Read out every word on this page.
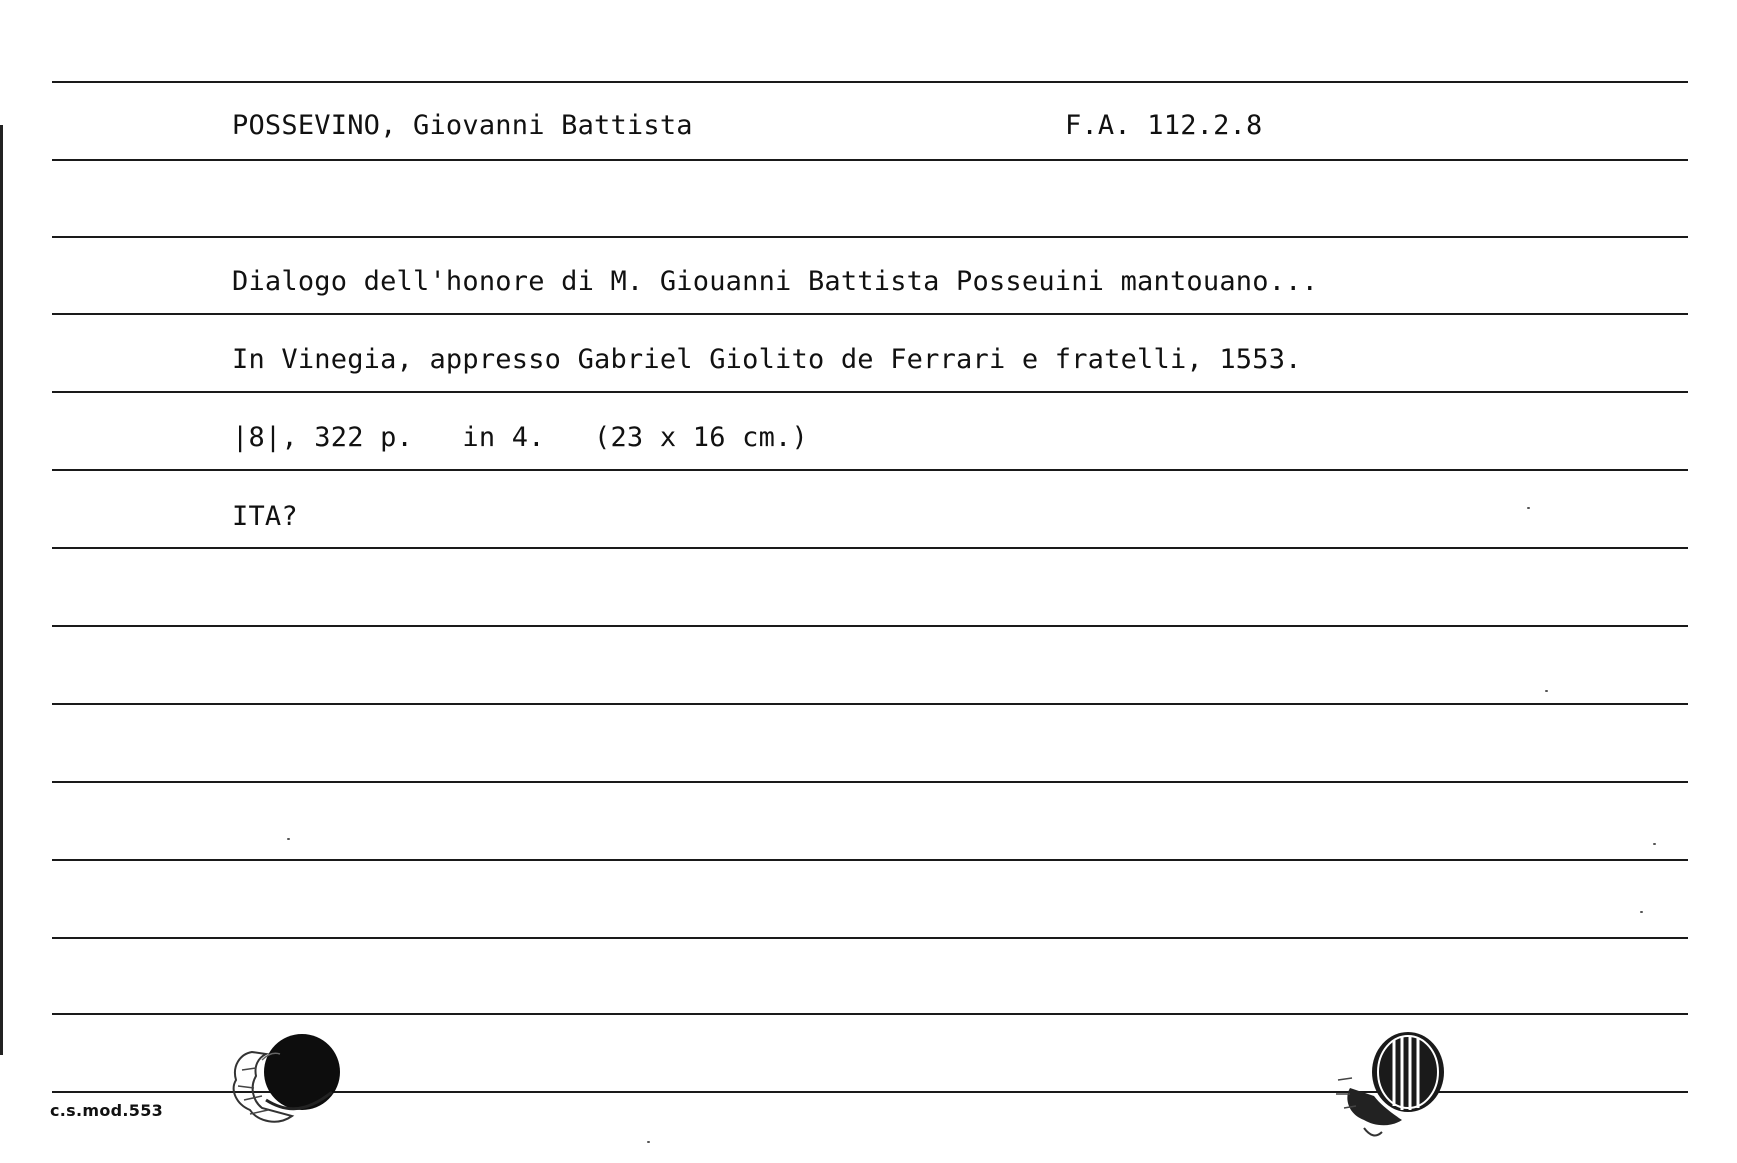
POSSEVINO, Giovanni Battista	F.A. 112.2.8
Dialogo dell'honore di M. Giouanni Battista Posseuini mantouano...
In Vinegia, appresso Gabriel Giolito de Ferrari e fratelli, 1553.
|8|, 322 p.   in 4.   (23 x 16 cm.)
ITA?
c.s.mod.553
